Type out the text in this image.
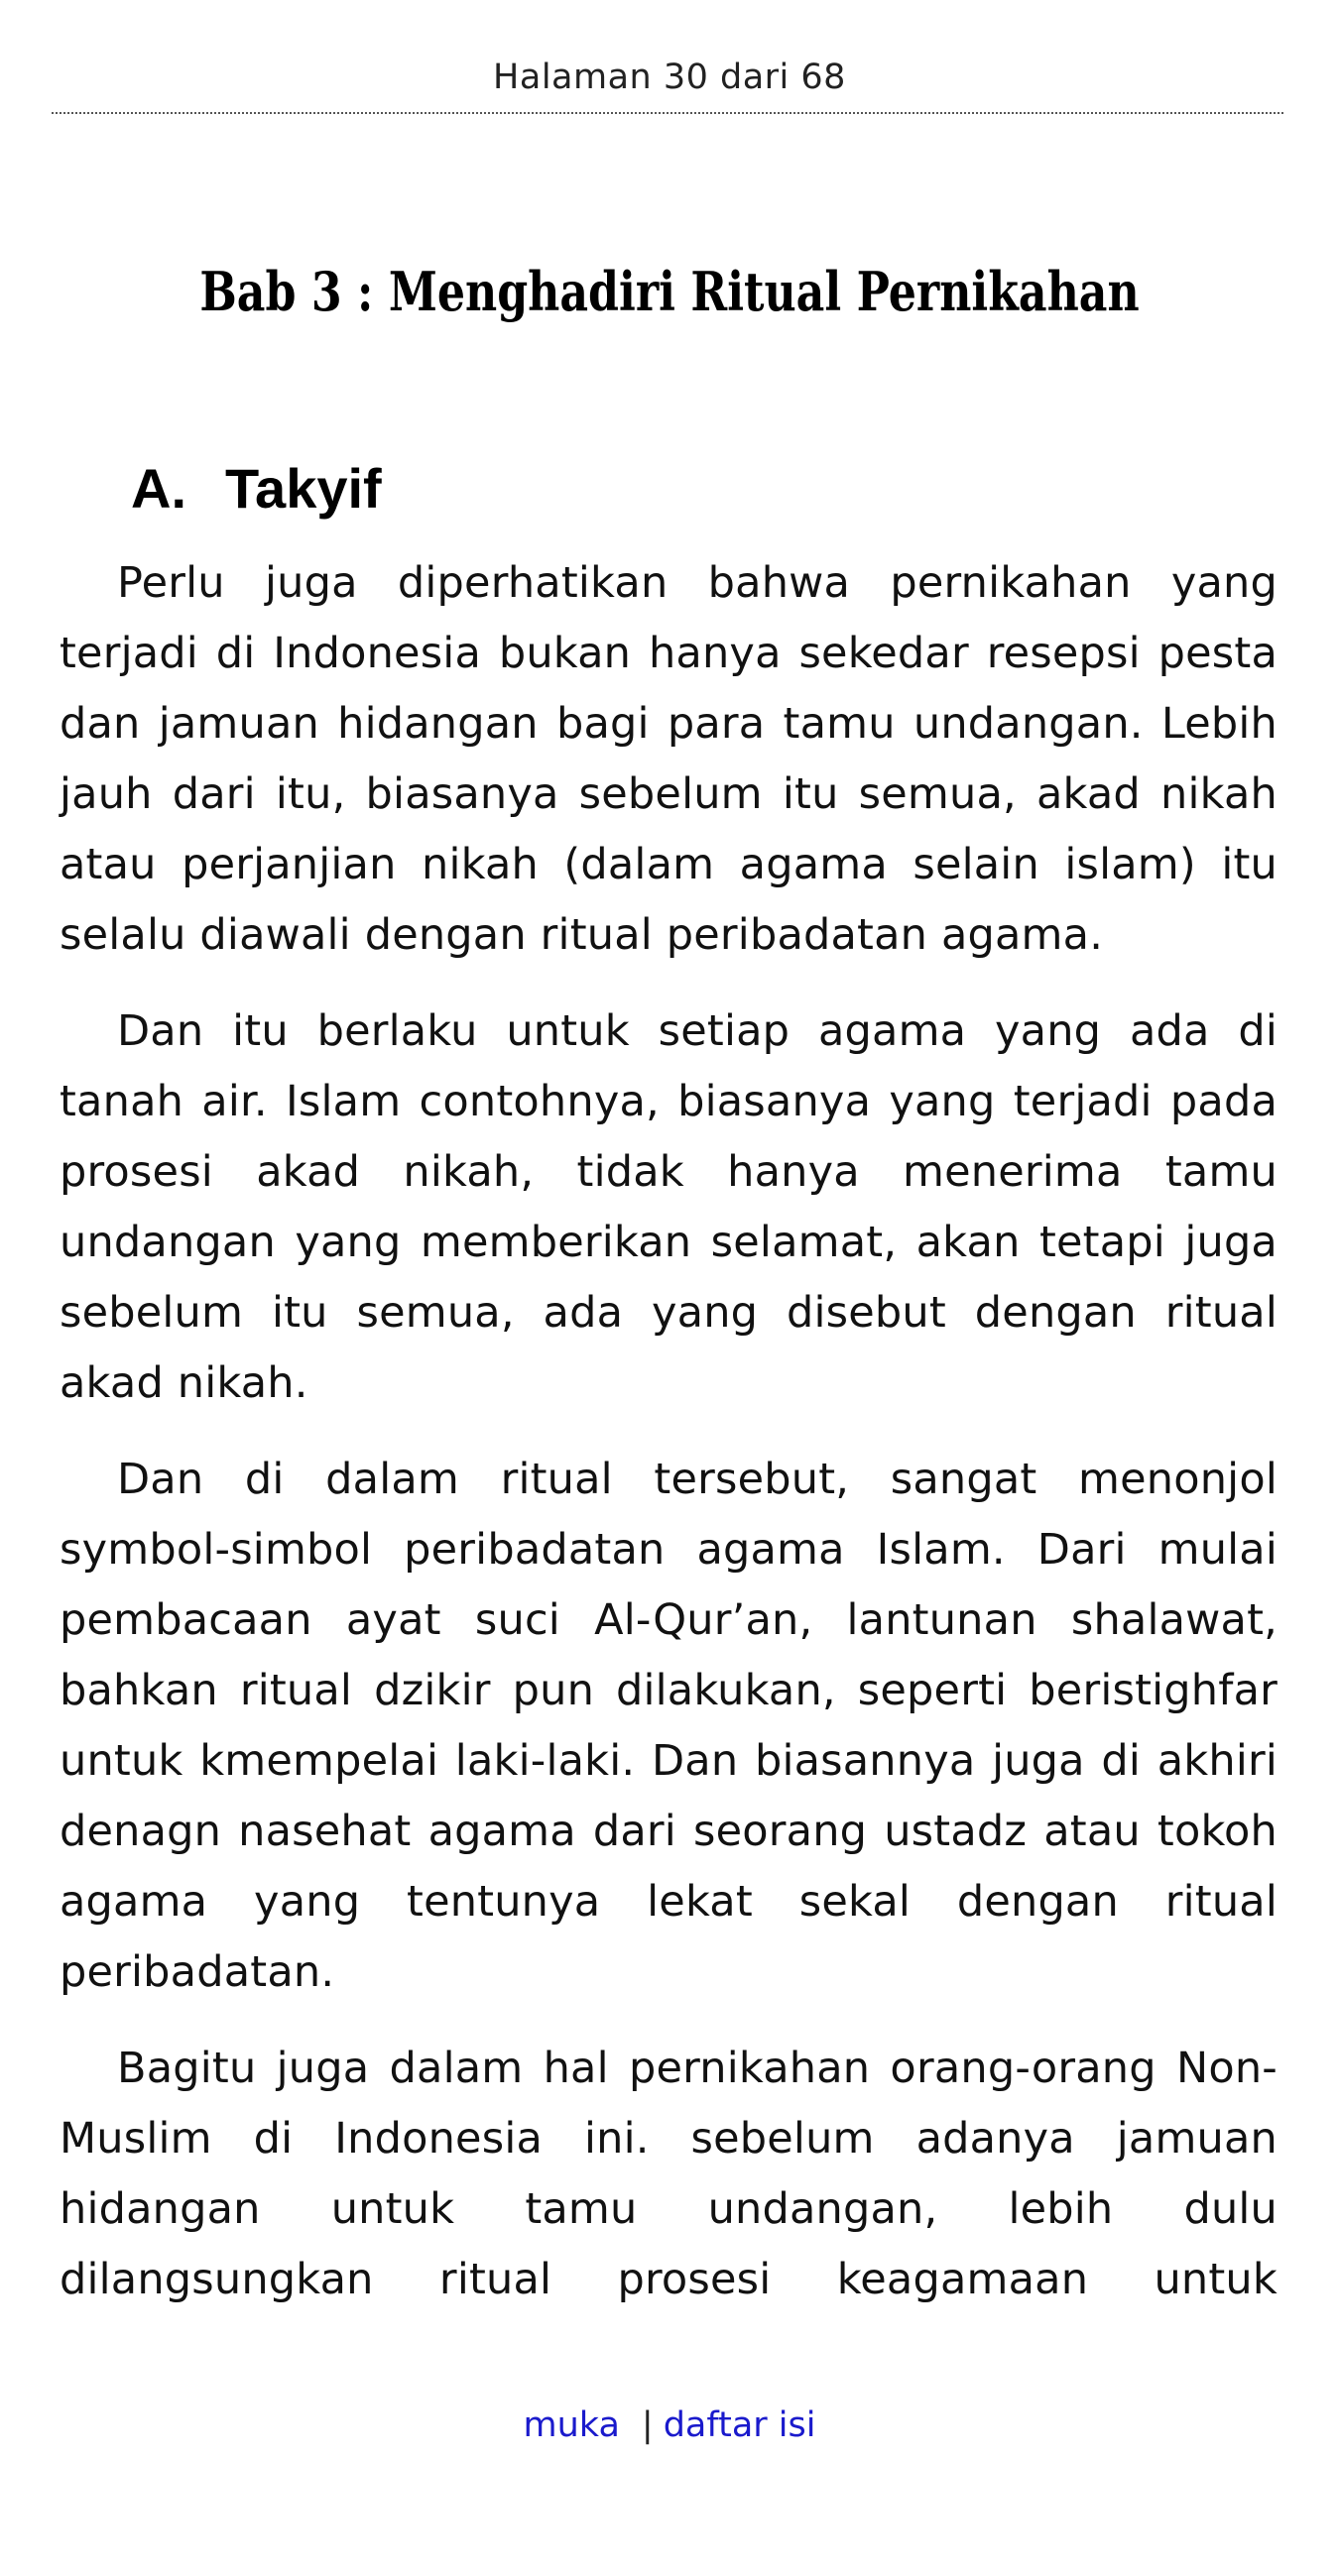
Halaman 30 dari 68
Bab 3 : Menghadiri Ritual Pernikahan
A. Takyif

Perlu juga diperhatikan bahwa pernikahan yang terjadi di Indonesia bukan hanya sekedar resepsi pesta dan jamuan hidangan bagi para tamu undangan. Lebih jauh dari itu, biasanya sebelum itu semua, akad nikah atau perjanjian nikah (dalam agama selain islam) itu selalu diawali dengan ritual peribadatan agama.

Dan itu berlaku untuk setiap agama yang ada di tanah air. Islam contohnya, biasanya yang terjadi pada prosesi akad nikah, tidak hanya menerima tamu undangan yang memberikan selamat, akan tetapi juga sebelum itu semua, ada yang disebut dengan ritual akad nikah.

Dan di dalam ritual tersebut, sangat menonjol symbol-simbol peribadatan agama Islam. Dari mulai pembacaan ayat suci Al-Qur’an, lantunan shalawat, bahkan ritual dzikir pun dilakukan, seperti beristighfar untuk kmempelai laki-laki. Dan biasannya juga di akhiri denagn nasehat agama dari seorang ustadz atau tokoh agama yang tentunya lekat sekal dengan ritual peribadatan.

Bagitu juga dalam hal pernikahan orang-orang Non-Muslim di Indonesia ini. sebelum adanya jamuan hidangan untuk tamu undangan, lebih dulu dilangsungkan ritual prosesi keagamaan untuk

muka | daftar isi
